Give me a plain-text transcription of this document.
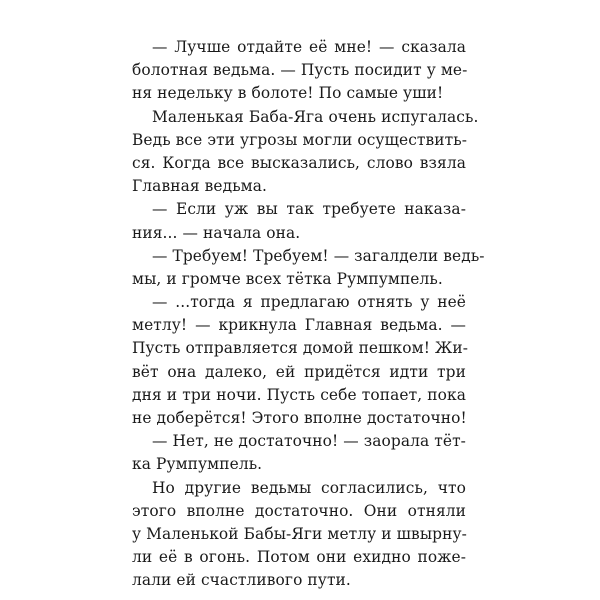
— Лучше отдайте её мне! — сказала
болотная ведьма. — Пусть посидит у ме-
ня недельку в болоте! По самые уши!
Маленькая Баба-Яга очень испугалась.
Ведь все эти угрозы могли осуществить-
ся. Когда все высказались, слово взяла
Главная ведьма.
— Если уж вы так требуете наказа-
ния... — начала она.
— Требуем! Требуем! — загалдели ведь-
мы, и громче всех тётка Румпумпель.
— ...тогда я предлагаю отнять у неё
метлу! — крикнула Главная ведьма. —
Пусть отправляется домой пешком! Жи-
вёт она далеко, ей придётся идти три
дня и три ночи. Пусть себе топает, пока
не доберётся! Этого вполне достаточно!
— Нет, не достаточно! — заорала тёт-
ка Румпумпель.
Но другие ведьмы согласились, что
этого вполне достаточно. Они отняли
у Маленькой Бабы-Яги метлу и швырну-
ли её в огонь. Потом они ехидно поже-
лали ей счастливого пути.
